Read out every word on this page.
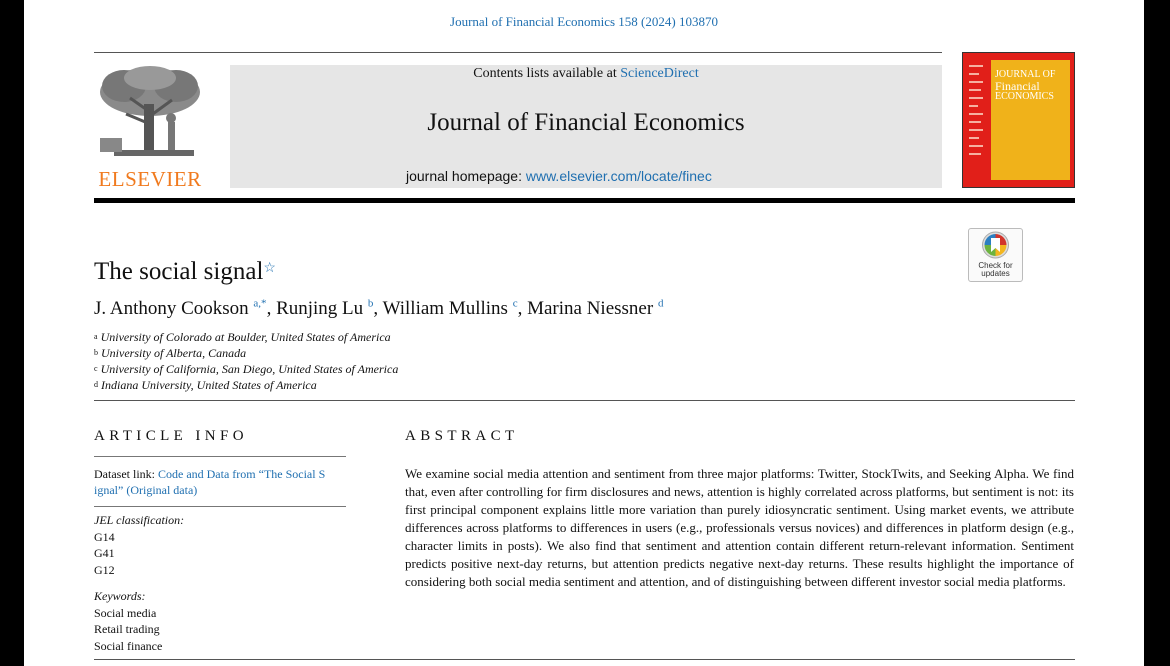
Journal of Financial Economics 158 (2024) 103870
ELSEVIER
Contents lists available at ScienceDirect
Journal of Financial Economics
journal homepage: www.elsevier.com/locate/finec
JOURNAL OF
Financial
ECONOMICS
Check for
updates
The social signal☆
J. Anthony Cookson $^{a,*}$, Runjing Lu $^b$, William Mullins $^c$, Marina Niessner $^d$
$^a$ University of Colorado at Boulder, United States of America
$^b$ University of Alberta, Canada
$^c$ University of California, San Diego, United States of America
$^d$ Indiana University, United States of America
ARTICLE INFO	ABSTRACT
Dataset link: Code and Data from “The Social S
ignal” (Original data)
JEL classification:
G14
G41
G12
Keywords:
Social media
Retail trading
Social finance
We examine social media attention and sentiment from three major platforms: Twitter, StockTwits, and Seeking Alpha. We find that, even after controlling for firm disclosures and news, attention is highly correlated across platforms, but sentiment is not: its first principal component explains little more variation than purely idiosyncratic sentiment. Using market events, we attribute differences across platforms to differences in users (e.g., professionals versus novices) and differences in platform design (e.g., character limits in posts). We also find that sentiment and attention contain different return-relevant information. Sentiment predicts positive next-day returns, but attention predicts negative next-day returns. These results highlight the importance of considering both social media sentiment and attention, and of distinguishing between different investor social media platforms.
